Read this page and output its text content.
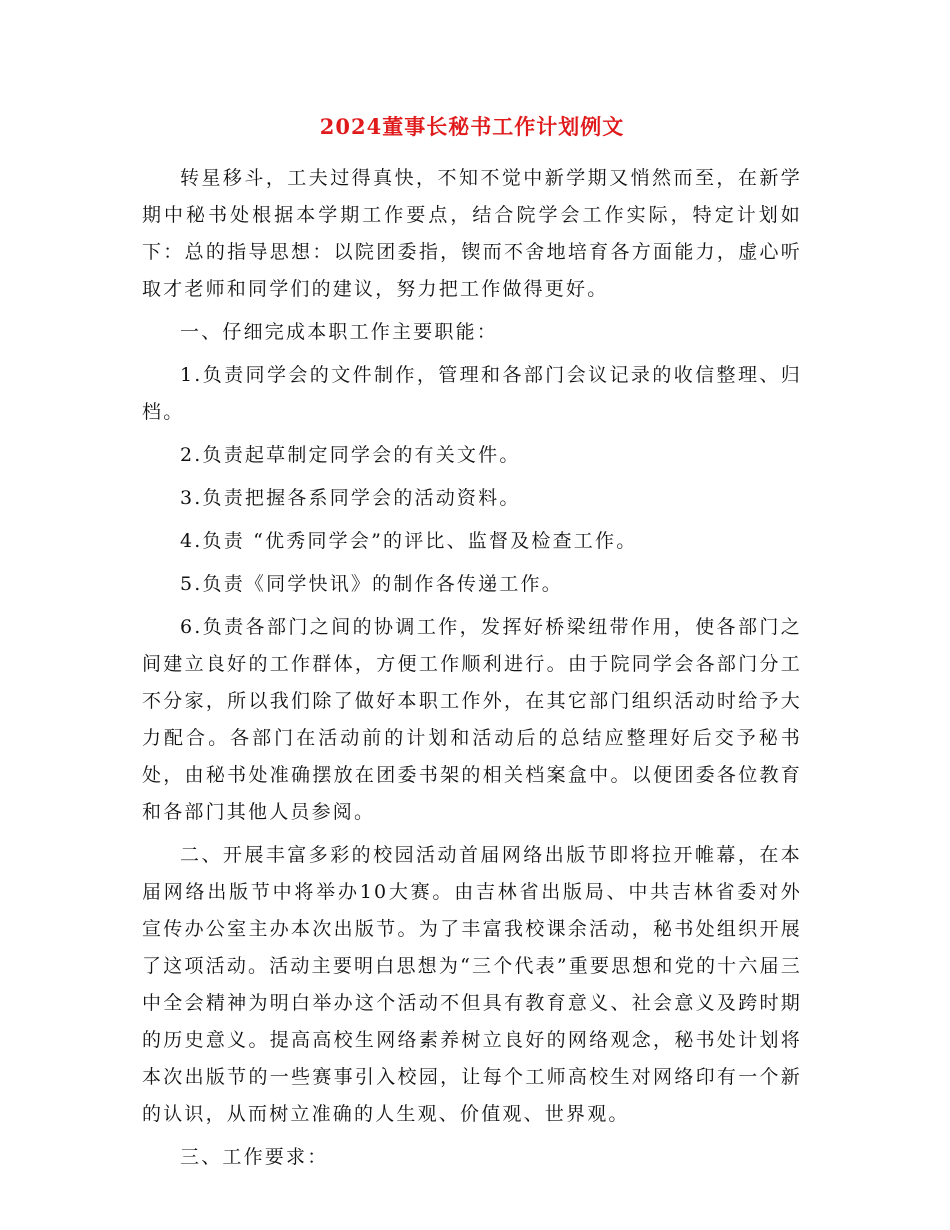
2024董事长秘书工作计划例文

转星移斗，工夫过得真快，不知不觉中新学期又悄然而至，在新学期中秘书处根据本学期工作要点，结合院学会工作实际，特定计划如下：总的指导思想：以院团委指，锲而不舍地培育各方面能力，虚心听取才老师和同学们的建议，努力把工作做得更好。

一、仔细完成本职工作主要职能：

1.负责同学会的文件制作，管理和各部门会议记录的收信整理、归档。

2.负责起草制定同学会的有关文件。

3.负责把握各系同学会的活动资料。

4.负责 “优秀同学会”的评比、监督及检查工作。

5.负责《同学快讯》的制作各传递工作。

6.负责各部门之间的协调工作，发挥好桥梁纽带作用，使各部门之间建立良好的工作群体，方便工作顺利进行。由于院同学会各部门分工不分家，所以我们除了做好本职工作外，在其它部门组织活动时给予大力配合。各部门在活动前的计划和活动后的总结应整理好后交予秘书处，由秘书处准确摆放在团委书架的相关档案盒中。以便团委各位教育和各部门其他人员参阅。

二、开展丰富多彩的校园活动首届网络出版节即将拉开帷幕，在本届网络出版节中将举办10大赛。由吉林省出版局、中共吉林省委对外宣传办公室主办本次出版节。为了丰富我校课余活动，秘书处组织开展了这项活动。活动主要明白思想为“三个代表”重要思想和党的十六届三中全会精神为明白举办这个活动不但具有教育意义、社会意义及跨时期的历史意义。提高高校生网络素养树立良好的网络观念，秘书处计划将本次出版节的一些赛事引入校园，让每个工师高校生对网络印有一个新的认识，从而树立准确的人生观、价值观、世界观。

三、工作要求：
